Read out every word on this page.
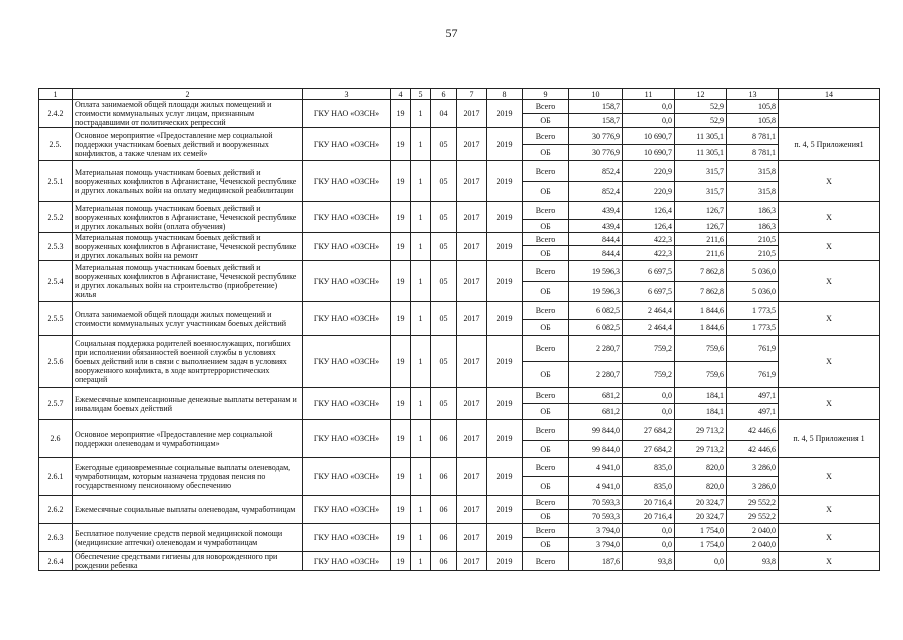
57
1	2	3	4	5	6	7	8	9	10	11	12	13	14
2.4.2	Оплата занимаемой общей площади жилых помещений и стоимости коммунальных услуг лицам, признанным пострадавшими от политических репрессий	ГКУ НАО «ОЗСН»	19	1	04	2017	2019	Всего	158,7	0,0	52,9	105,8	
								ОБ	158,7	0,0	52,9	105,8	
2.5.	Основное мероприятие «Предоставление мер социальной поддержки участникам боевых действий и вооруженных конфликтов, а также членам их семей»	ГКУ НАО «ОЗСН»	19	1	05	2017	2019	Всего	30 776,9	10 690,7	11 305,1	8 781,1	п. 4, 5 Приложения1
								ОБ	30 776,9	10 690,7	11 305,1	8 781,1	
2.5.1	Материальная помощь участникам боевых действий и вооруженных конфликтов в Афганистане, Чеченской республике и других локальных войн на оплату медицинской реабилитации	ГКУ НАО «ОЗСН»	19	1	05	2017	2019	Всего	852,4	220,9	315,7	315,8	Х
								ОБ	852,4	220,9	315,7	315,8	
2.5.2	Материальная помощь участникам боевых действий и вооруженных конфликтов в Афганистане, Чеченской республике и других локальных войн (оплата обучения)	ГКУ НАО «ОЗСН»	19	1	05	2017	2019	Всего	439,4	126,4	126,7	186,3	Х
								ОБ	439,4	126,4	126,7	186,3	
2.5.3	Материальная помощь участникам боевых действий и вооруженных конфликтов в Афганистане, Чеченской республике и других локальных войн на ремонт	ГКУ НАО «ОЗСН»	19	1	05	2017	2019	Всего	844,4	422,3	211,6	210,5	Х
								ОБ	844,4	422,3	211,6	210,5	
2.5.4	Материальная помощь участникам боевых действий и вооруженных конфликтов в Афганистане, Чеченской республике и других локальных войн на строительство (приобретение) жилья	ГКУ НАО «ОЗСН»	19	1	05	2017	2019	Всего	19 596,3	6 697,5	7 862,8	5 036,0	Х
								ОБ	19 596,3	6 697,5	7 862,8	5 036,0	
2.5.5	Оплата занимаемой общей площади жилых помещений и стоимости коммунальных услуг участникам боевых действий	ГКУ НАО «ОЗСН»	19	1	05	2017	2019	Всего	6 082,5	2 464,4	1 844,6	1 773,5	Х
								ОБ	6 082,5	2 464,4	1 844,6	1 773,5	
2.5.6	Социальная поддержка родителей военнослужащих, погибших при исполнении обязанностей военной службы в условиях боевых действий или в связи с выполнением задач в условиях вооруженного конфликта, в ходе контртеррористических операций	ГКУ НАО «ОЗСН»	19	1	05	2017	2019	Всего	2 280,7	759,2	759,6	761,9	Х
								ОБ	2 280,7	759,2	759,6	761,9	
2.5.7	Ежемесячные компенсационные денежные выплаты ветеранам и инвалидам боевых действий	ГКУ НАО «ОЗСН»	19	1	05	2017	2019	Всего	681,2	0,0	184,1	497,1	Х
								ОБ	681,2	0,0	184,1	497,1	
2.6	Основное мероприятие «Предоставление мер социальной поддержки оленеводам и чумработницам»	ГКУ НАО «ОЗСН»	19	1	06	2017	2019	Всего	99 844,0	27 684,2	29 713,2	42 446,6	п. 4, 5 Приложения 1
								ОБ	99 844,0	27 684,2	29 713,2	42 446,6	
2.6.1	Ежегодные единовременные социальные выплаты оленеводам, чумработницам, которым назначена трудовая пенсия по государственному пенсионному обеспечению	ГКУ НАО «ОЗСН»	19	1	06	2017	2019	Всего	4 941,0	835,0	820,0	3 286,0	Х
								ОБ	4 941,0	835,0	820,0	3 286,0	
2.6.2	Ежемесячные социальные выплаты оленеводам, чумработницам	ГКУ НАО «ОЗСН»	19	1	06	2017	2019	Всего	70 593,3	20 716,4	20 324,7	29 552,2	Х
								ОБ	70 593,3	20 716,4	20 324,7	29 552,2	
2.6.3	Бесплатное получение средств первой медицинской помощи (медицинские аптечки) оленеводам и чумработницам	ГКУ НАО «ОЗСН»	19	1	06	2017	2019	Всего	3 794,0	0,0	1 754,0	2 040,0	Х
								ОБ	3 794,0	0,0	1 754,0	2 040,0	
2.6.4	Обеспечение средствами гигиены для новорожденного при рождении ребенка	ГКУ НАО «ОЗСН»	19	1	06	2017	2019	Всего	187,6	93,8	0,0	93,8	Х
